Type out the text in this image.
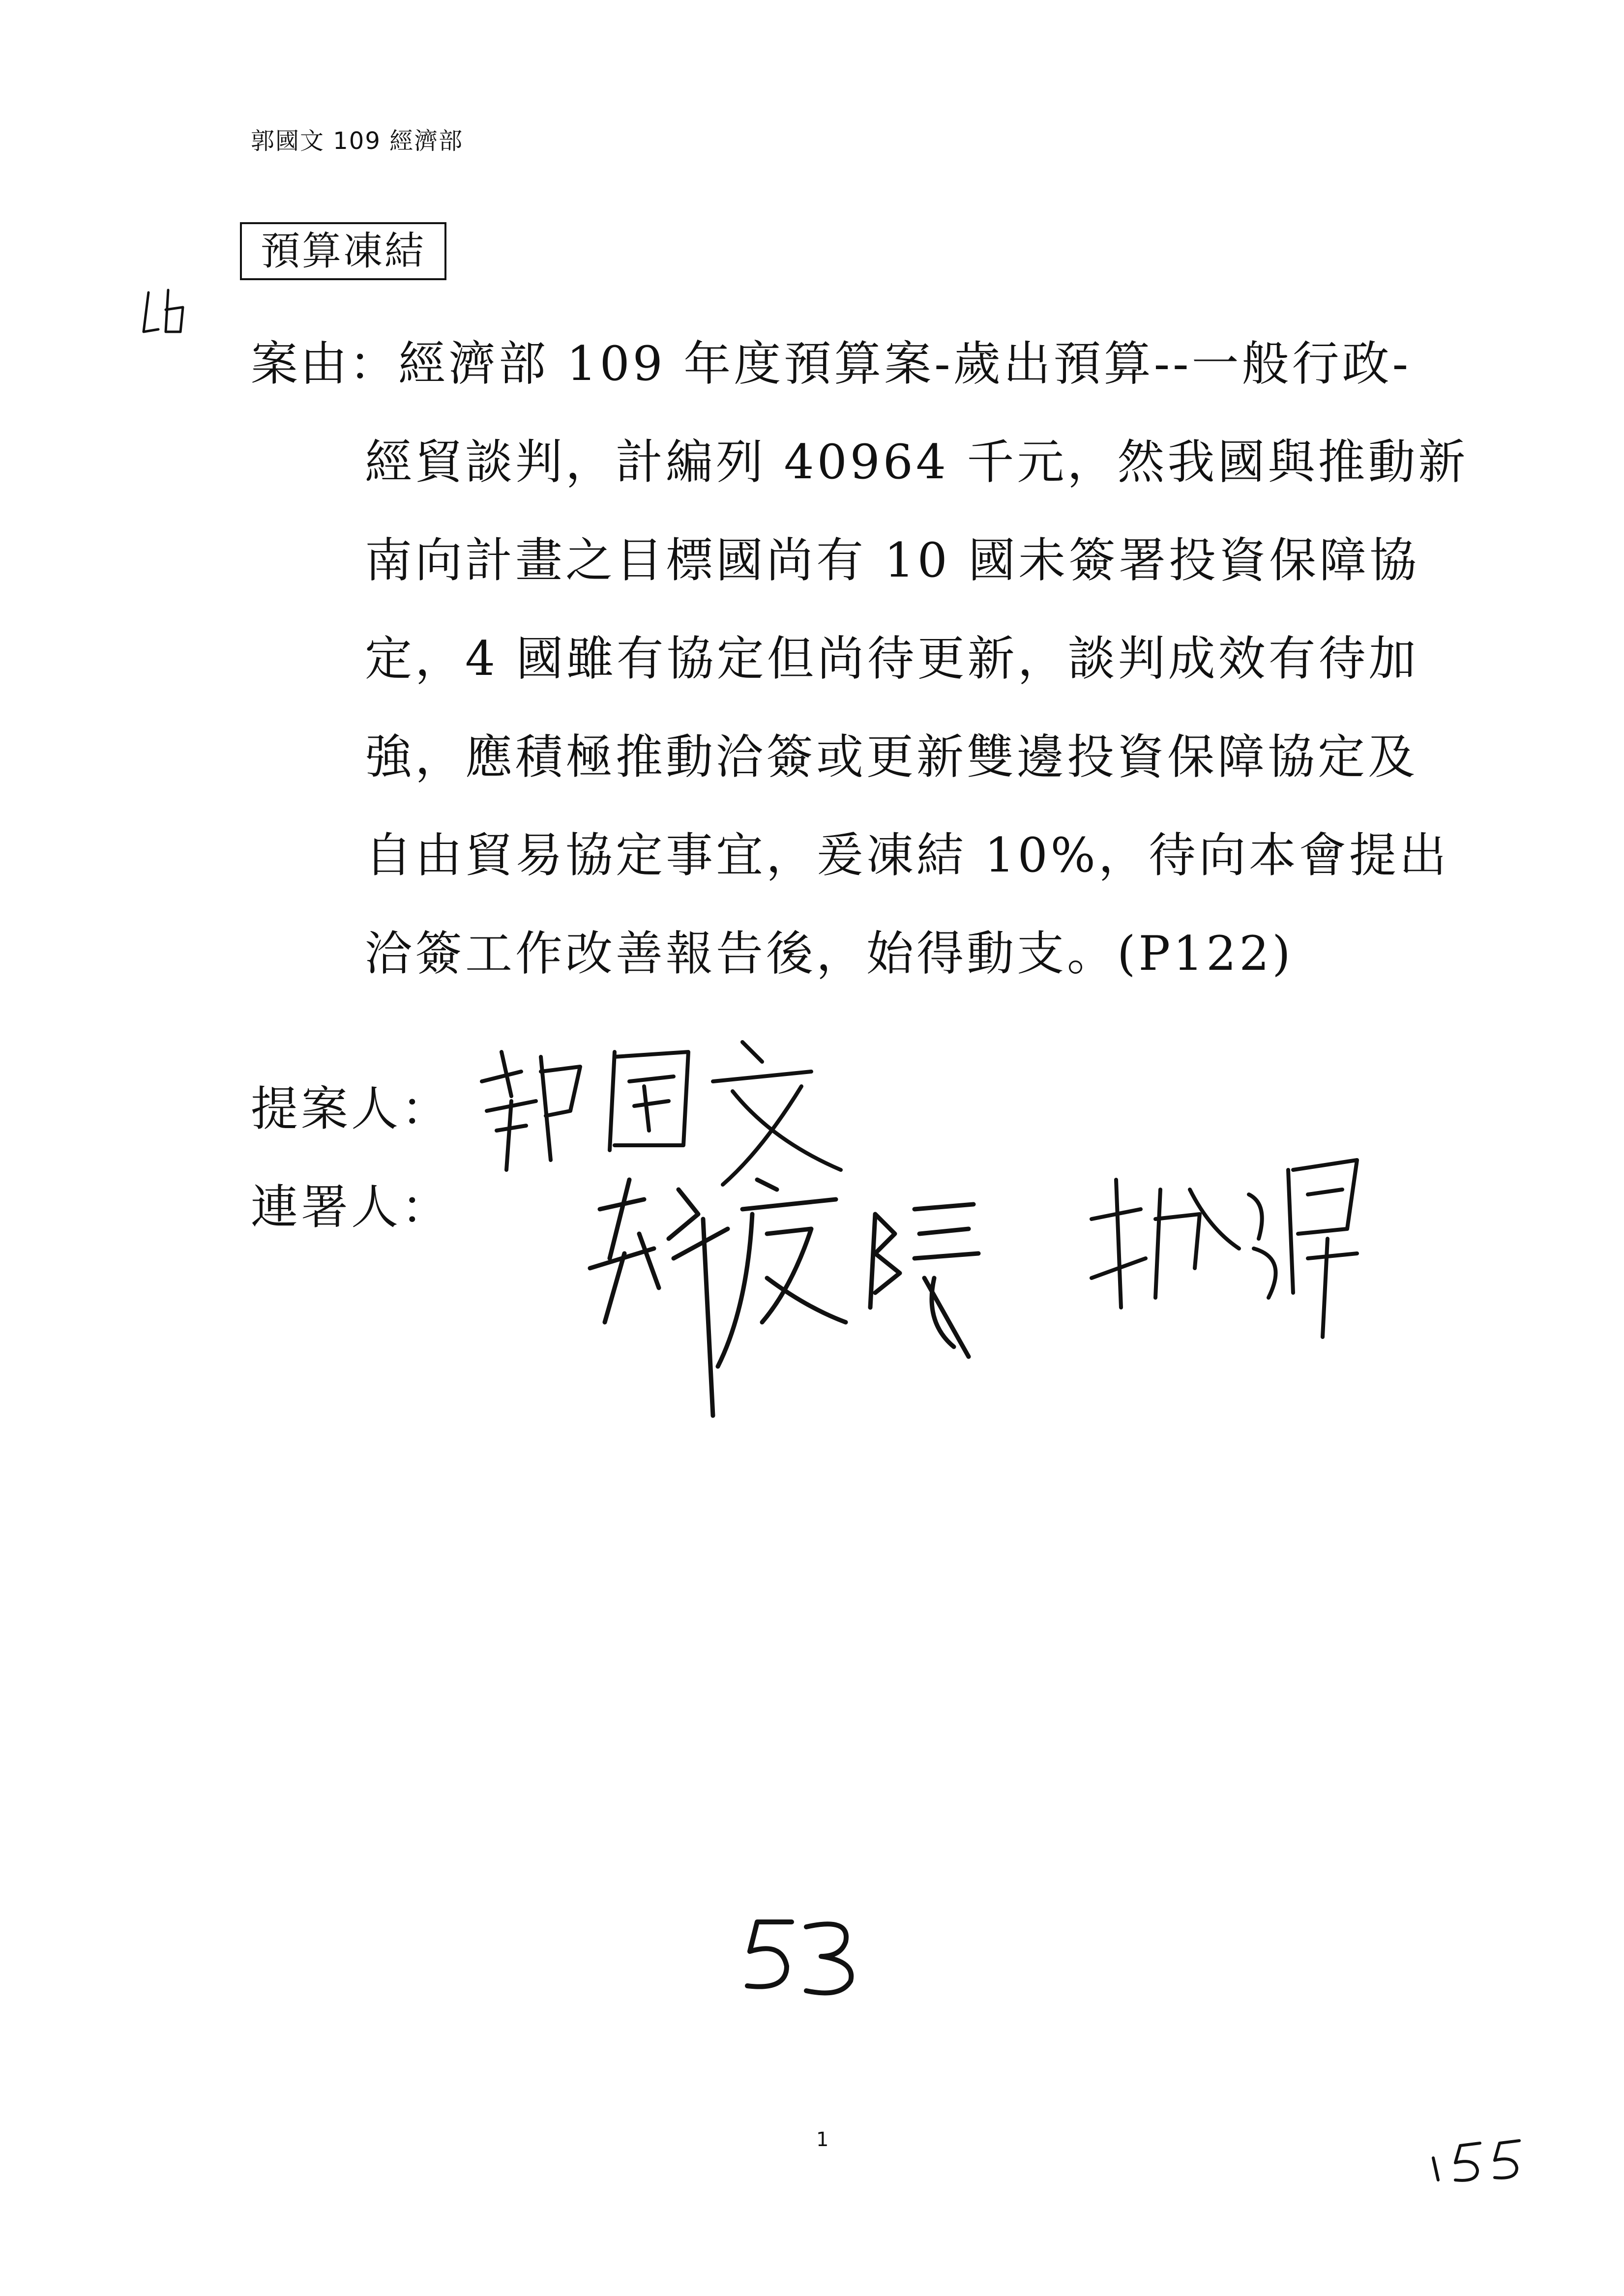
郭國文 109 經濟部
預算凍結
案由： 經濟部 109 年度預算案-歲出預算--一般行政-
經貿談判，計編列 40964 千元，然我國與推動新
南向計畫之目標國尚有 10 國未簽署投資保障協
定，4 國雖有協定但尚待更新，談判成效有待加
強，應積極推動洽簽或更新雙邊投資保障協定及
自由貿易協定事宜，爰凍結 10%，待向本會提出
洽簽工作改善報告後，始得動支。(P122)
提案人：
連署人：
1
